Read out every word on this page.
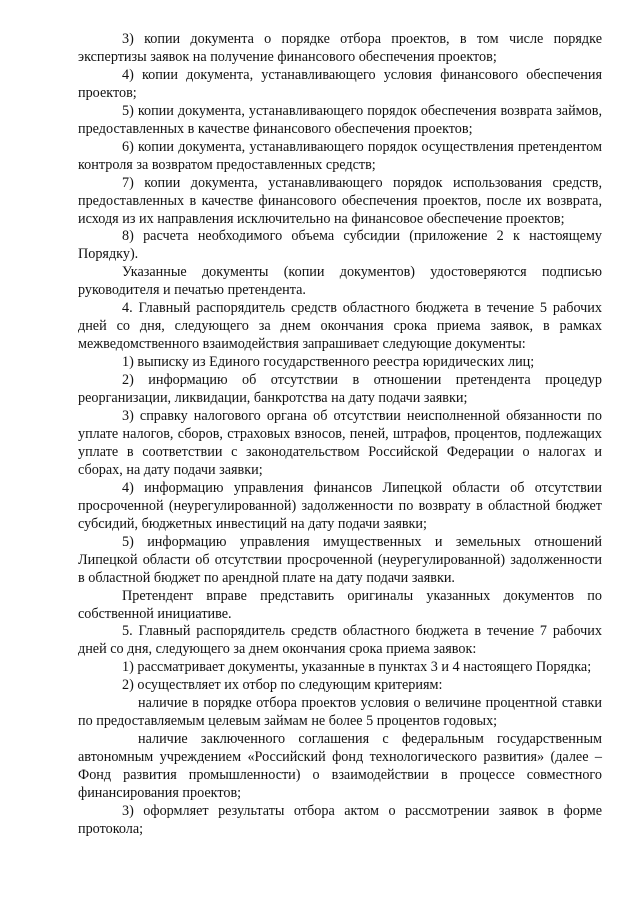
3) копии документа о порядке отбора проектов, в том числе порядке экспертизы заявок на получение финансового обеспечения проектов;

4) копии документа, устанавливающего условия финансового обеспечения проектов;

5) копии документа, устанавливающего порядок обеспечения возврата займов, предоставленных в качестве финансового обеспечения проектов;

6) копии документа, устанавливающего порядок осуществления претендентом контроля за возвратом предоставленных средств;

7) копии документа, устанавливающего порядок использования средств, предоставленных в качестве финансового обеспечения проектов, после их возврата, исходя из их направления исключительно на финансовое обеспечение проектов;

8) расчета необходимого объема субсидии (приложение 2 к настоящему Порядку).

Указанные документы (копии документов) удостоверяются подписью руководителя и печатью претендента.

4. Главный распорядитель средств областного бюджета в течение 5 рабочих дней со дня, следующего за днем окончания срока приема заявок, в рамках межведомственного взаимодействия запрашивает следующие документы:

1) выписку из Единого государственного реестра юридических лиц;

2) информацию об отсутствии в отношении претендента процедур реорганизации, ликвидации, банкротства на дату подачи заявки;

3) справку налогового органа об отсутствии неисполненной обязанности по уплате налогов, сборов, страховых взносов, пеней, штрафов, процентов, подлежащих уплате в соответствии с законодательством Российской Федерации о налогах и сборах, на дату подачи заявки;

4) информацию управления финансов Липецкой области об отсутствии просроченной (неурегулированной) задолженности по возврату в областной бюджет субсидий, бюджетных инвестиций на дату подачи заявки;

5) информацию управления имущественных и земельных отношений Липецкой области об отсутствии просроченной (неурегулированной) задолженности в областной бюджет по арендной плате на дату подачи заявки.

Претендент вправе представить оригиналы указанных документов по собственной инициативе.

5. Главный распорядитель средств областного бюджета в течение 7 рабочих дней со дня, следующего за днем окончания срока приема заявок:

1) рассматривает документы, указанные в пунктах 3 и 4 настоящего Порядка;

2) осуществляет их отбор по следующим критериям:

наличие в порядке отбора проектов условия о величине процентной ставки по предоставляемым целевым займам не более 5 процентов годовых;

наличие заключенного соглашения с федеральным государственным автономным учреждением «Российский фонд технологического развития» (далее – Фонд развития промышленности) о взаимодействии в процессе совместного финансирования проектов;

3) оформляет результаты отбора актом о рассмотрении заявок в форме протокола;
